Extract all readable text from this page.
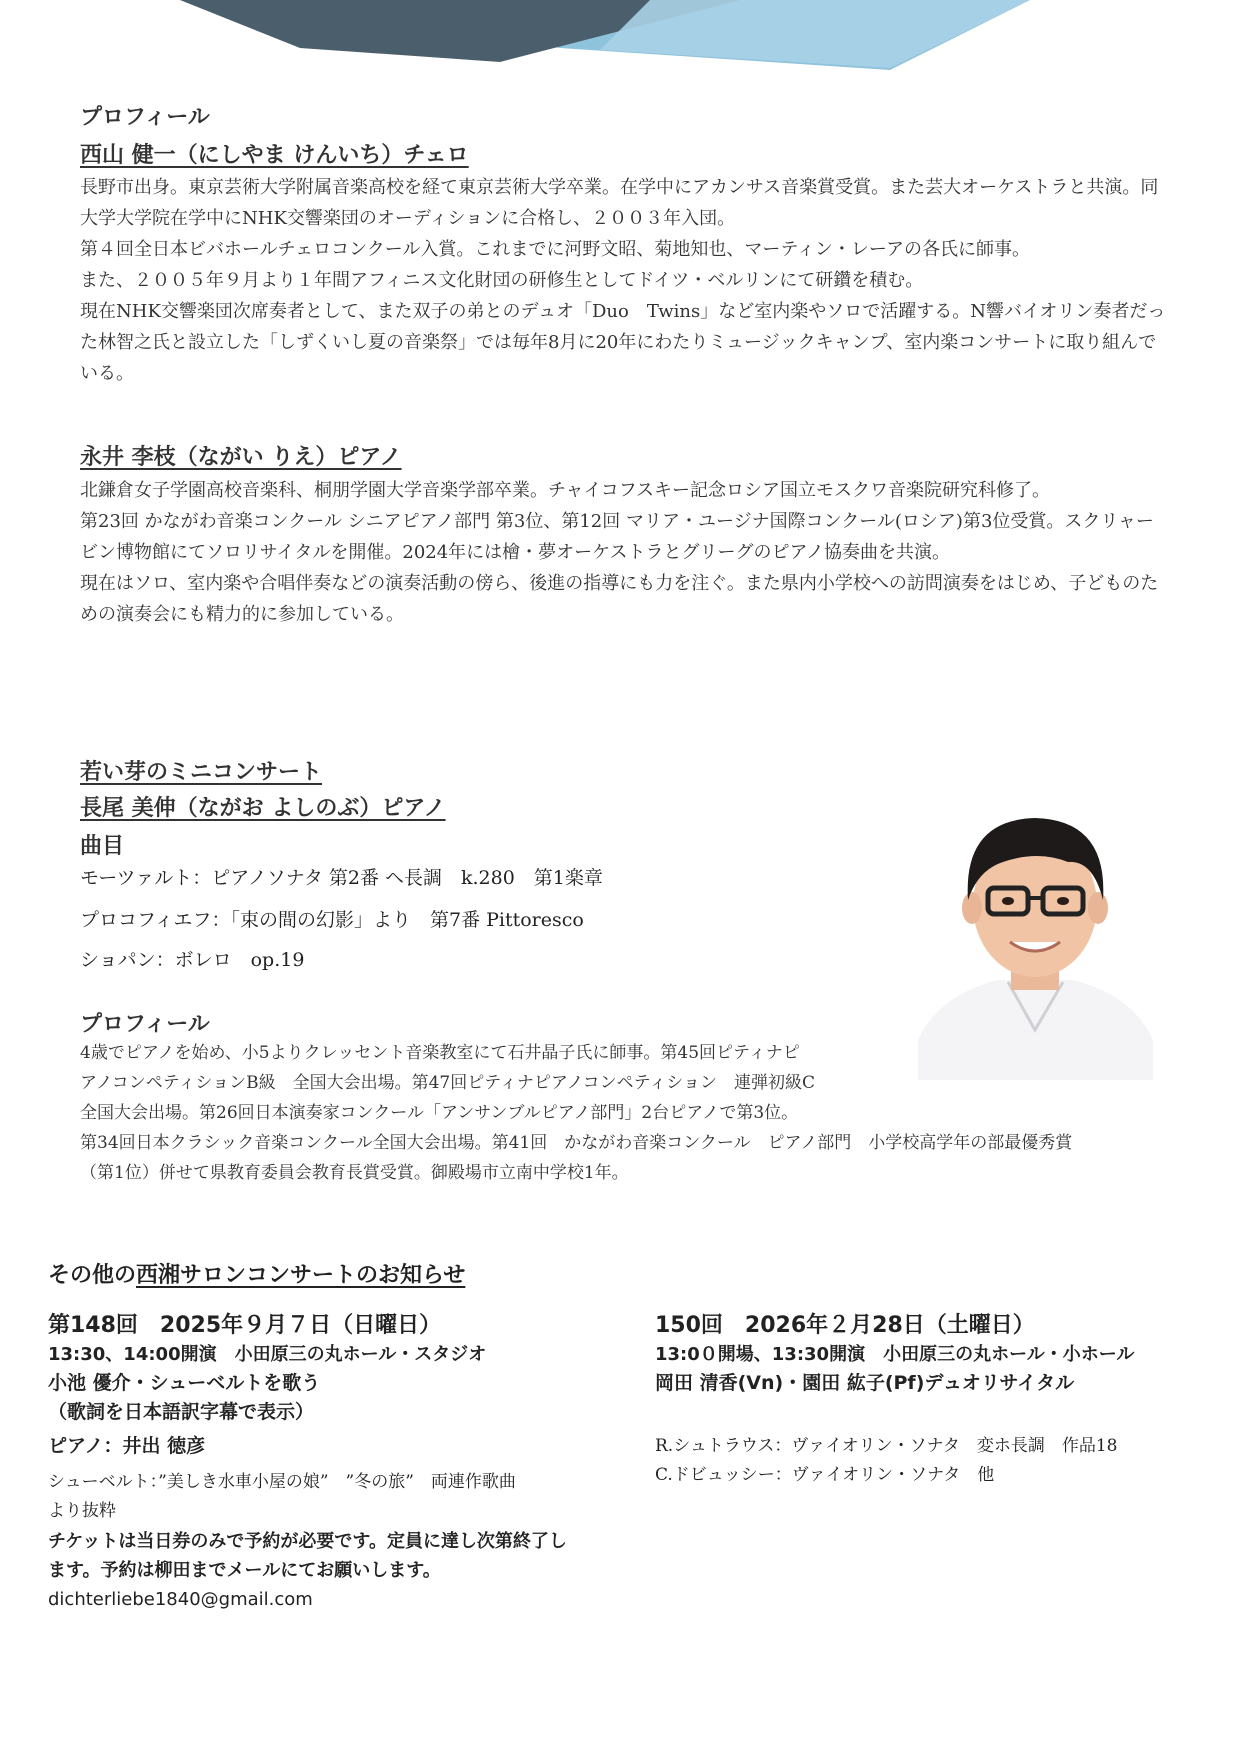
プロフィール
西山 健一（にしやま けんいち）チェロ

長野市出身。東京芸術大学附属音楽高校を経て東京芸術大学卒業。在学中にアカンサス音楽賞受賞。また芸大オーケストラと共演。同大学大学院在学中にNHK交響楽団のオーディションに合格し、２００３年入団。

第４回全日本ビバホールチェロコンクール入賞。これまでに河野文昭、菊地知也、マーティン・レーアの各氏に師事。

また、２００５年９月より１年間アフィニス文化財団の研修生としてドイツ・ベルリンにて研鑽を積む。

現在NHK交響楽団次席奏者として、また双子の弟とのデュオ「Duo　Twins」など室内楽やソロで活躍する。N響バイオリン奏者だった林智之氏と設立した「しずくいし夏の音楽祭」では毎年8月に20年にわたりミュージックキャンプ、室内楽コンサートに取り組んでいる。

永井 李枝（ながい りえ）ピアノ

北鎌倉女子学園高校音楽科、桐朋学園大学音楽学部卒業。チャイコフスキー記念ロシア国立モスクワ音楽院研究科修了。

第23回 かながわ音楽コンクール シニアピアノ部門 第3位、第12回 マリア・ユージナ国際コンクール(ロシア)第3位受賞。スクリャービン博物館にてソロリサイタルを開催。2024年には檜・夢オーケストラとグリーグのピアノ協奏曲を共演。

現在はソロ、室内楽や合唱伴奏などの演奏活動の傍ら、後進の指導にも力を注ぐ。また県内小学校への訪問演奏をはじめ、子どものための演奏会にも精力的に参加している。

若い芽のミニコンサート
長尾 美伸（ながお よしのぶ）ピアノ
曲目
モーツァルト：ピアノソナタ 第2番 ヘ長調　k.280　第1楽章
プロコフィエフ：「束の間の幻影」より　第7番 Pittoresco
ショパン：ボレロ　op.19
プロフィール

4歳でピアノを始め、小5よりクレッセント音楽教室にて石井晶子氏に師事。第45回ピティナピ

アノコンペティションB級　全国大会出場。第47回ピティナピアノコンペティション　連弾初級C

全国大会出場。第26回日本演奏家コンクール「アンサンブルピアノ部門」2台ピアノで第3位。

第34回日本クラシック音楽コンクール全国大会出場。第41回　かながわ音楽コンクール　ピアノ部門　小学校高学年の部最優秀賞

（第1位）併せて県教育委員会教育長賞受賞。御殿場市立南中学校1年。

その他の西湘サロンコンサートのお知らせ
第148回　2025年９月７日（日曜日）
13:30、14:00開演　小田原三の丸ホール・スタジオ
小池 優介・シューベルトを歌う
（歌詞を日本語訳字幕で表示）
ピアノ：井出 徳彦
シューベルト：”美しき水車小屋の娘”　”冬の旅”　両連作歌曲
より抜粋
チケットは当日券のみで予約が必要です。定員に達し次第終了し
ます。予約は柳田までメールにてお願いします。
dichterliebe1840@gmail.com
150回　2026年２月28日（土曜日）
13:0０開場、13:30開演　小田原三の丸ホール・小ホール
岡田 清香(Vn)・園田 紘子(Pf)デュオリサイタル
R.シュトラウス：ヴァイオリン・ソナタ　変ホ長調　作品18
C.ドビュッシー：ヴァイオリン・ソナタ　他
